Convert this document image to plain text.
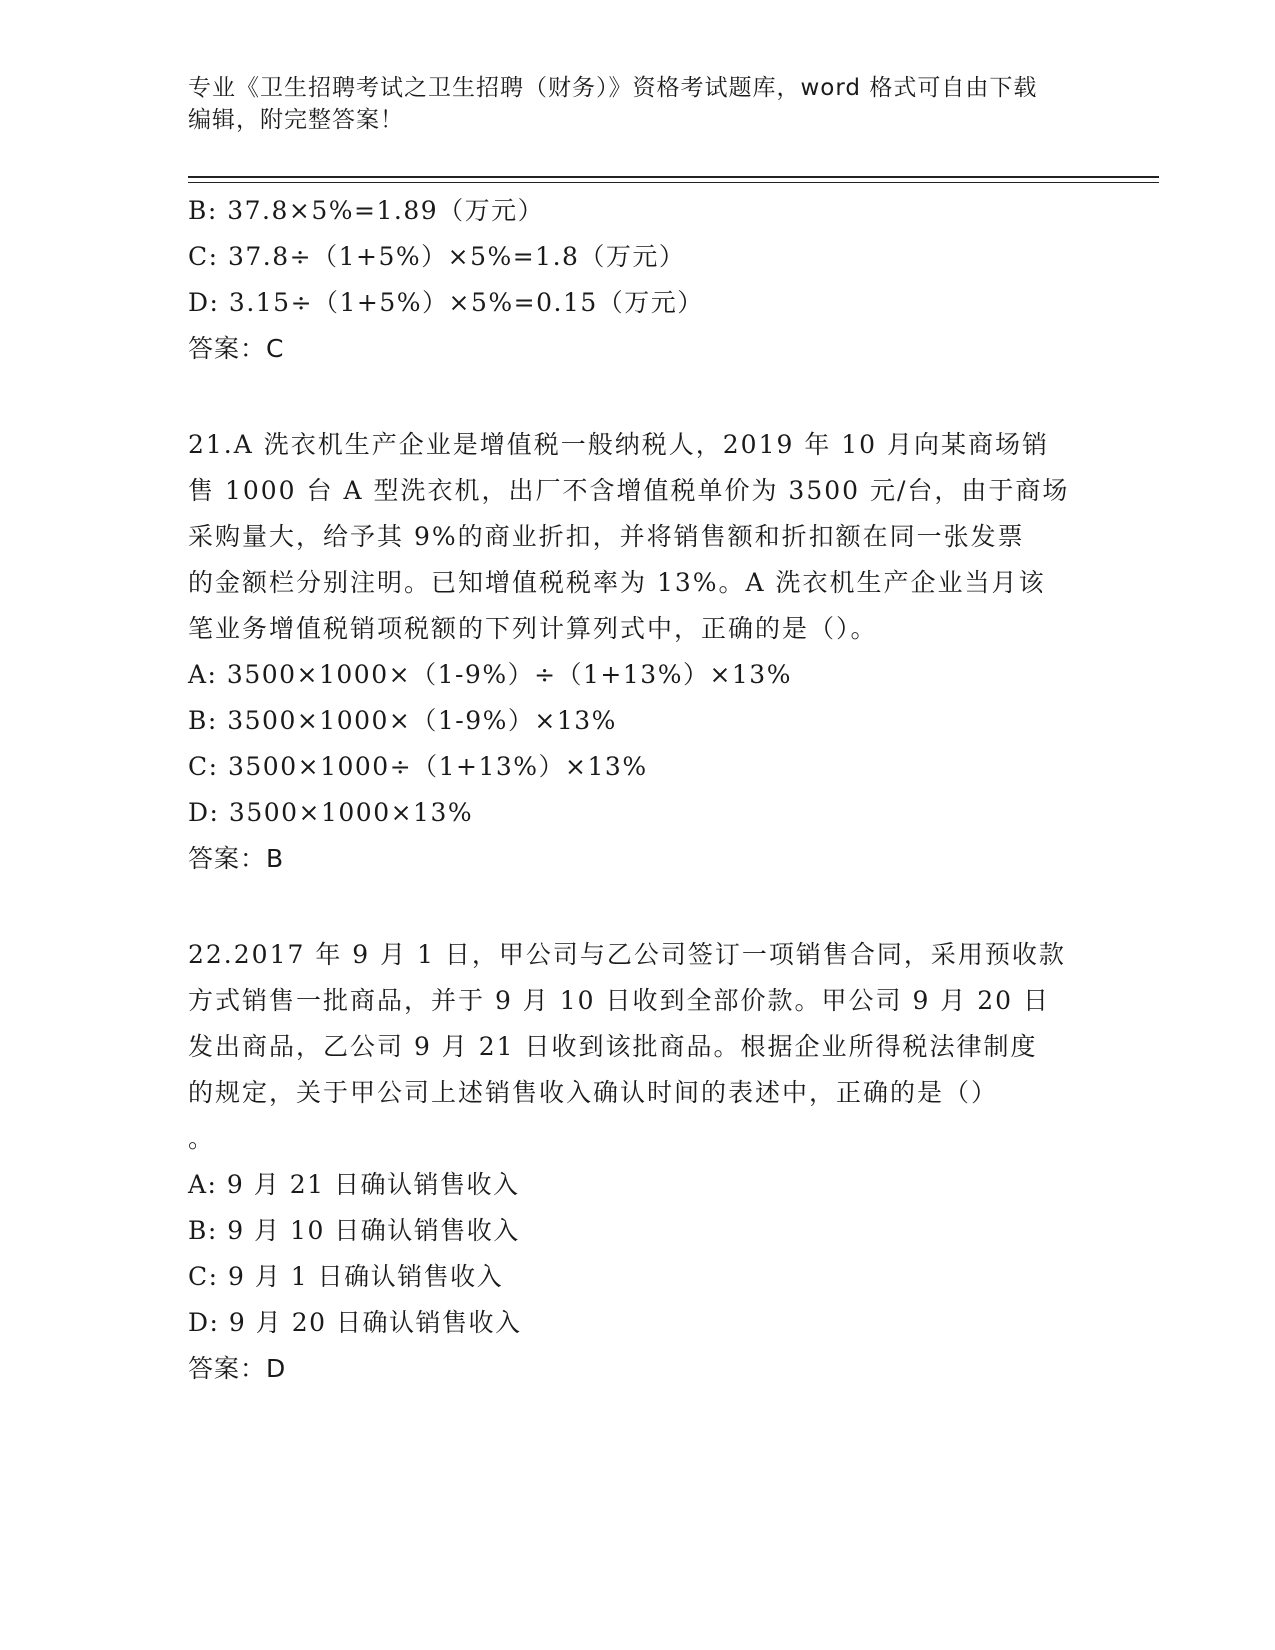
专业《卫生招聘考试之卫生招聘（财务）》资格考试题库，word 格式可自由下载
编辑，附完整答案！
B: 37.8×5%=1.89（万元）
C: 37.8÷（1+5%）×5%=1.8（万元）
D: 3.15÷（1+5%）×5%=0.15（万元）
答案：C
21.A 洗衣机生产企业是增值税一般纳税人，2019 年 10 月向某商场销
售 1000 台 A 型洗衣机，出厂不含增值税单价为 3500 元/台，由于商场
采购量大，给予其 9%的商业折扣，并将销售额和折扣额在同一张发票
的金额栏分别注明。已知增值税税率为 13%。A 洗衣机生产企业当月该
笔业务增值税销项税额的下列计算列式中，正确的是（）。
A: 3500×1000×（1-9%）÷（1+13%）×13%
B: 3500×1000×（1-9%）×13%
C: 3500×1000÷（1+13%）×13%
D: 3500×1000×13%
答案：B
22.2017 年 9 月 1 日，甲公司与乙公司签订一项销售合同，采用预收款
方式销售一批商品，并于 9 月 10 日收到全部价款。甲公司 9 月 20 日
发出商品，乙公司 9 月 21 日收到该批商品。根据企业所得税法律制度
的规定，关于甲公司上述销售收入确认时间的表述中，正确的是（）
。
A: 9 月 21 日确认销售收入
B: 9 月 10 日确认销售收入
C: 9 月 1 日确认销售收入
D: 9 月 20 日确认销售收入
答案：D
